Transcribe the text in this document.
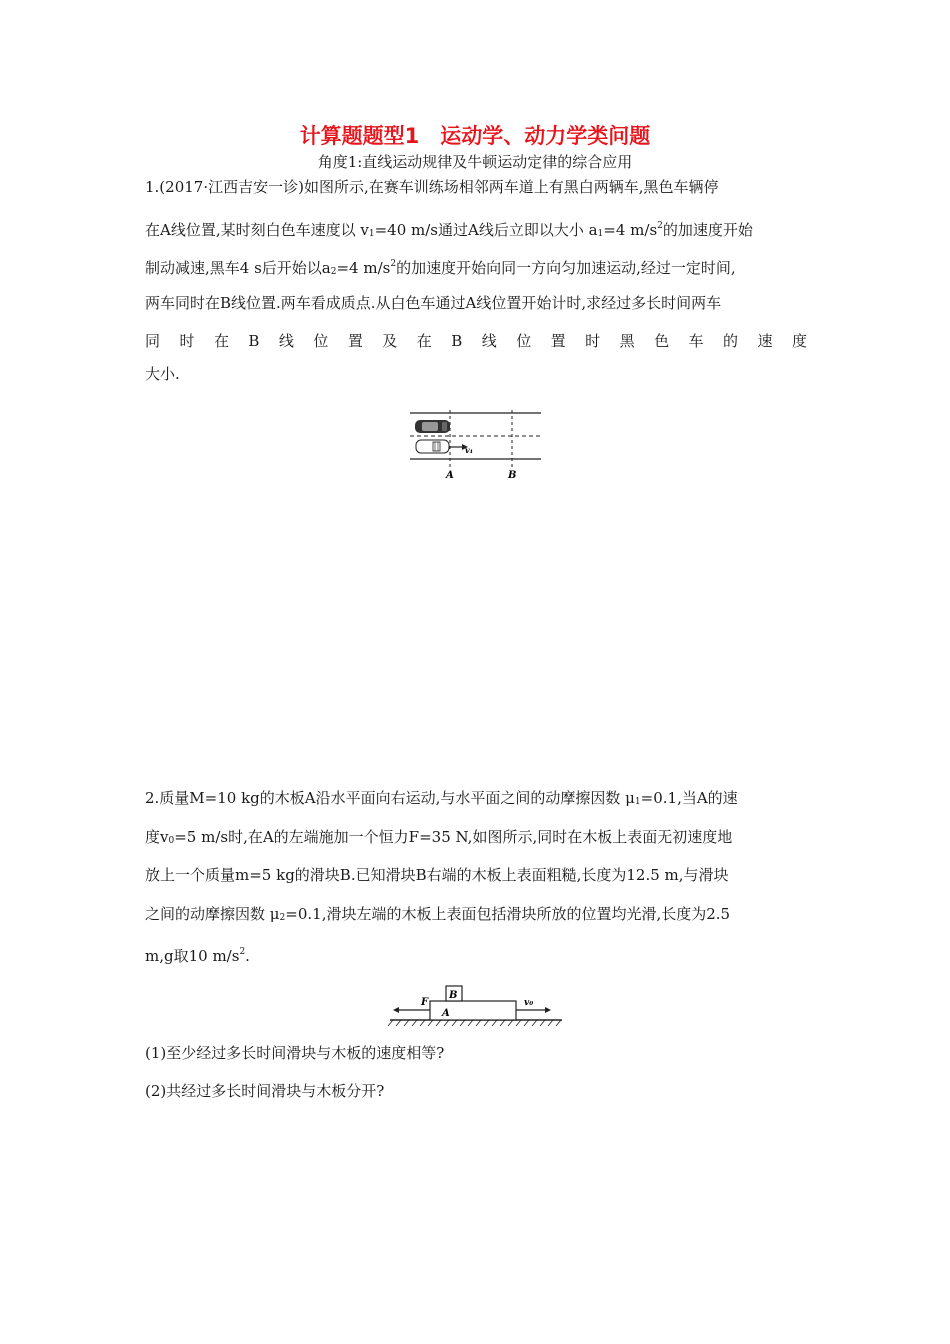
计算题题型1　运动学、动力学类问题
角度1:直线运动规律及牛顿运动定律的综合应用
1.(2017·江西吉安一诊)如图所示,在赛车训练场相邻两车道上有黑白两辆车,黑色车辆停
在A线位置,某时刻白色车速度以 $v_1=40$ m/s通过A线后立即以大小 $a_1=4$ $m/s^2$的加速度开始
制动减速,黑车4 s后开始以$a_2=4$ $m/s^2$的加速度开始向同一方向匀加速运动,经过一定时间,
两车同时在B线位置.两车看成质点.从白色车通过A线位置开始计时,求经过多长时间两车
同 时 在 B 线 位 置 及 在 B 线 位 置 时 黑 色 车 的 速 度
大小.
v₁
A	B
2.质量M=10 kg的木板A沿水平面向右运动,与水平面之间的动摩擦因数 $\mu_1=0.1$,当A的速
度$v_0=5$ m/s时,在A的左端施加一个恒力F=35 N,如图所示,同时在木板上表面无初速度地
放上一个质量m=5 kg的滑块B.已知滑块B右端的木板上表面粗糙,长度为12.5 m,与滑块
之间的动摩擦因数 $\mu_2=0.1$,滑块左端的木板上表面包括滑块所放的位置均光滑,长度为2.5
m,g取10 $m/s^2$.
B
A
F	v₀
(1)至少经过多长时间滑块与木板的速度相等?
(2)共经过多长时间滑块与木板分开?
